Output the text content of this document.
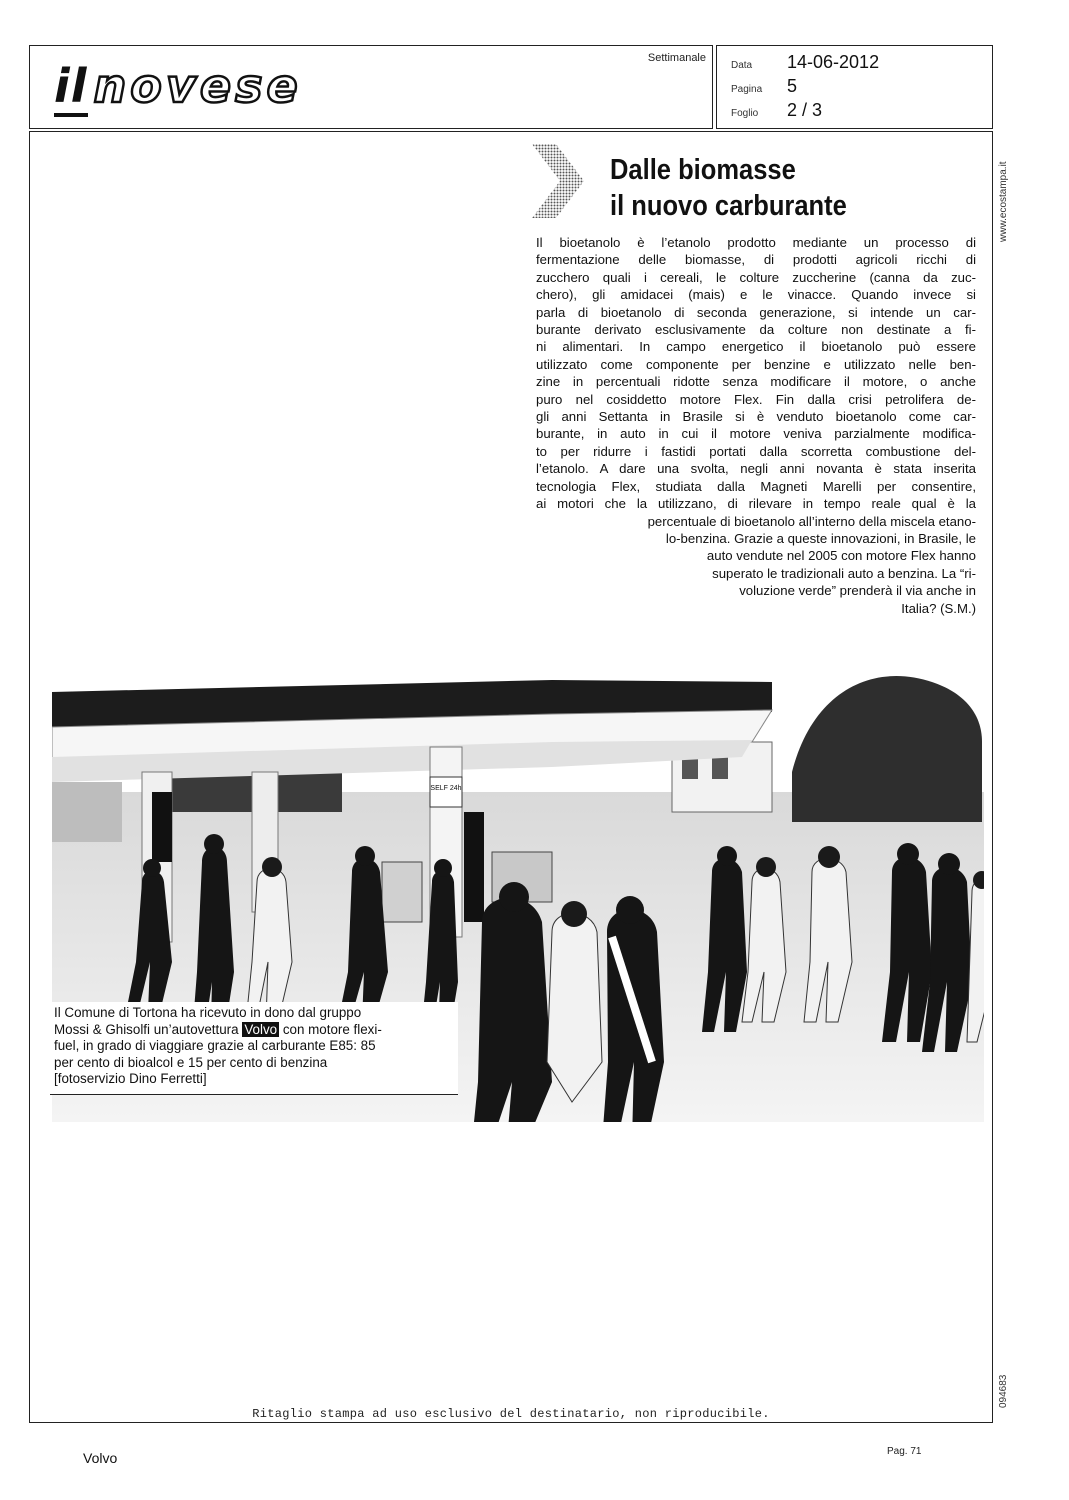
il novese
Settimanale
Data	14-06-2012
Pagina	5
Foglio	2 / 3
Dalle biomasse
il nuovo carburante
SELF 24h
Il bioetanolo è l’etanolo prodotto mediante un processo di
fermentazione delle biomasse, di prodotti agricoli ricchi di
zucchero quali i cereali, le colture zuccherine (canna da zuc-
chero), gli amidacei (mais) e le vinacce. Quando invece si
parla di bioetanolo di seconda generazione, si intende un car-
burante derivato esclusivamente da colture non destinate a fi-
ni alimentari. In campo energetico il bioetanolo può essere
utilizzato come componente per benzine e utilizzato nelle ben-
zine in percentuali ridotte senza modificare il motore, o anche
puro nel cosiddetto motore Flex. Fin dalla crisi petrolifera de-
gli anni Settanta in Brasile si è venduto bioetanolo come car-
burante, in auto in cui il motore veniva parzialmente modifica-
to per ridurre i fastidi portati dalla scorretta combustione del-
l’etanolo. A dare una svolta, negli anni novanta è stata inserita
tecnologia Flex, studiata dalla Magneti Marelli per consentire,
ai motori che la utilizzano, di rilevare in tempo reale qual è la
percentuale di bioetanolo all’interno della miscela etano-
lo-benzina. Grazie a queste innovazioni, in Brasile, le
auto vendute nel 2005 con motore Flex hanno
superato le tradizionali auto a benzina. La “ri-
voluzione verde” prenderà il via anche in
Italia? (S.M.)
Il Comune di Tortona ha ricevuto in dono dal gruppo
Mossi & Ghisolfi un’autovettura Volvo con motore flexi-
fuel, in grado di viaggiare grazie al carburante E85: 85
per cento di bioalcol e 15 per cento di benzina
[fotoservizio Dino Ferretti]
www.ecostampa.it
094683
Ritaglio stampa ad uso esclusivo del destinatario, non riproducibile.
Volvo	Pag. 71
